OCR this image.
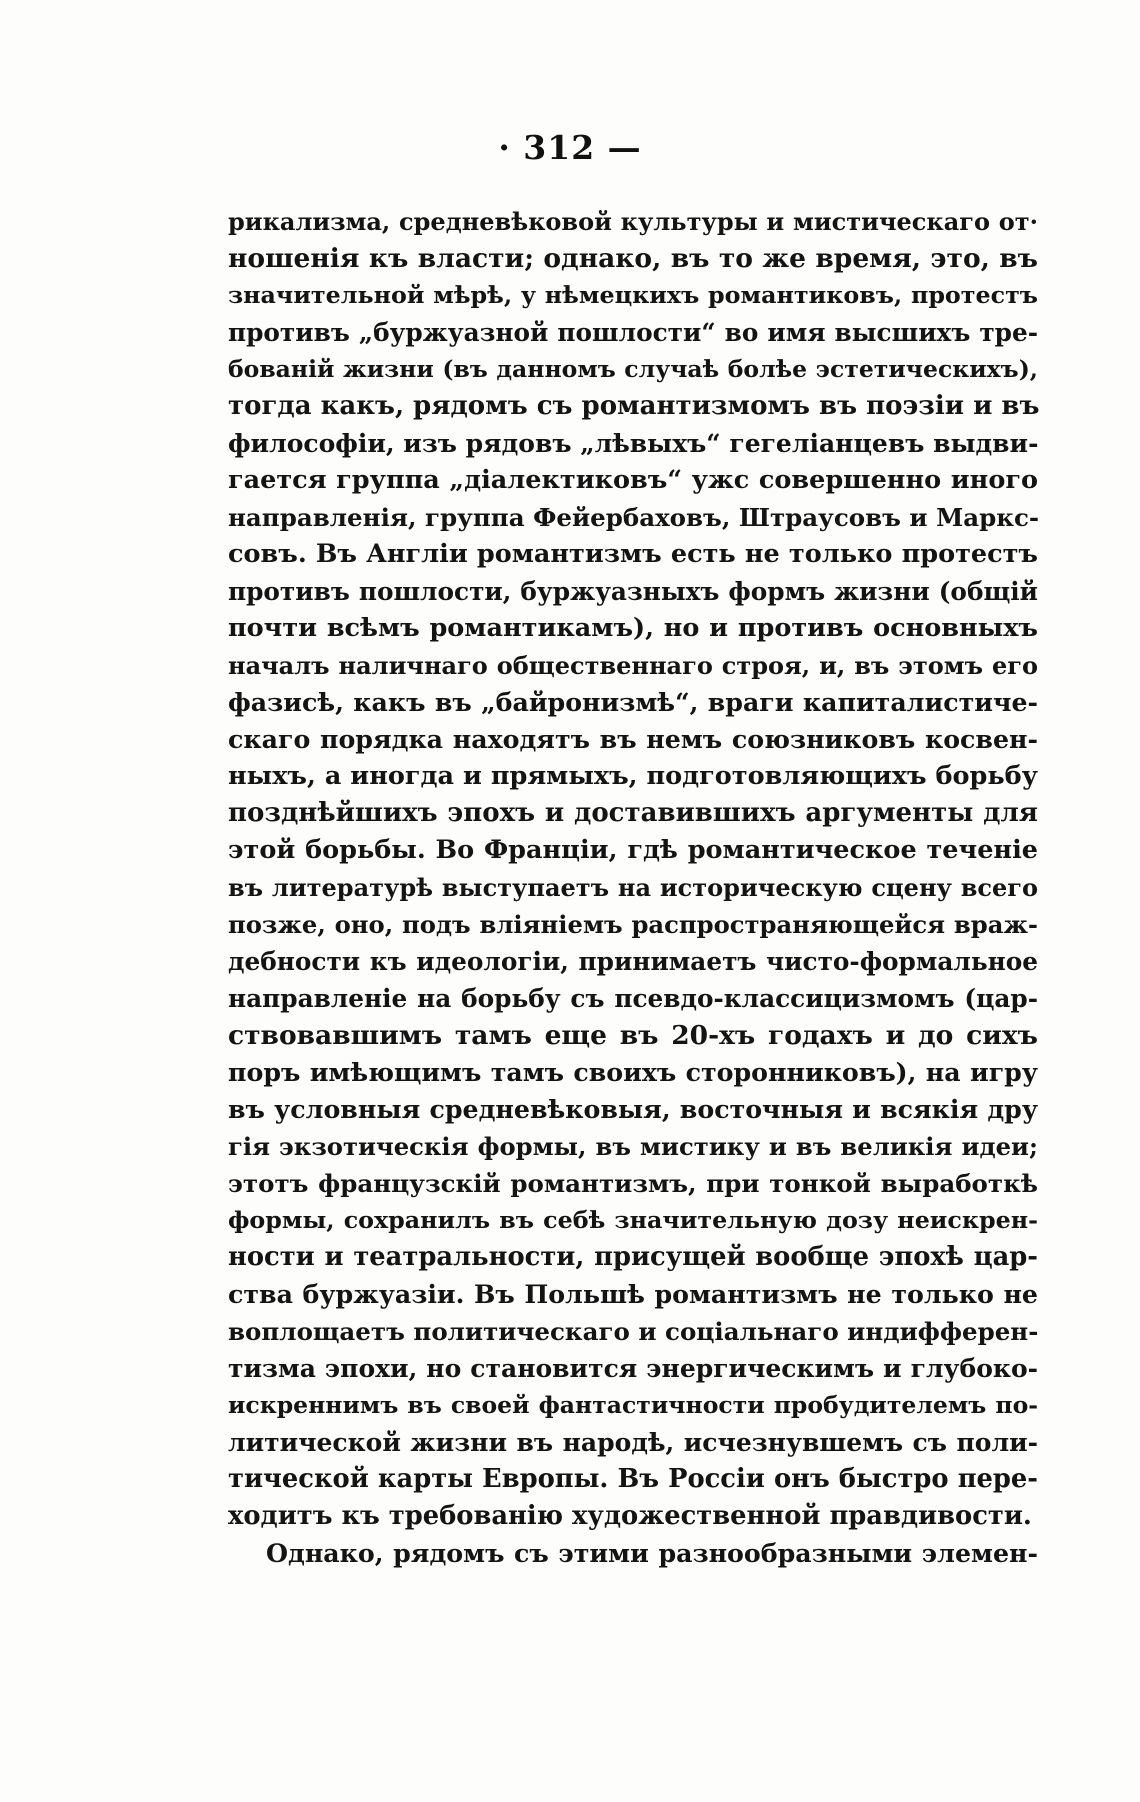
· 312 —
рикализма, средневѣковой культуры и мистическаго от·
ношенія къ власти; однако, въ то же время, это, въ
значительной мѣрѣ, у нѣмецкихъ романтиковъ, протестъ
противъ „буржуазной пошлости“ во имя высшихъ тре-
бованій жизни (въ данномъ случаѣ болѣе эстетическихъ),
тогда какъ, рядомъ съ романтизмомъ въ поэзіи и въ
философіи, изъ рядовъ „лѣвыхъ“ гегеліанцевъ выдви-
гается группа „діалектиковъ“ ужс совершенно иного
направленія, группа Фейербаховъ, Штраусовъ и Маркс-
совъ. Въ Англіи романтизмъ есть не только протестъ
противъ пошлости, буржуазныхъ формъ жизни (общій
почти всѣмъ романтикамъ), но и противъ основныхъ
началъ наличнаго общественнаго строя, и, въ этомъ его
фазисѣ, какъ въ „байронизмѣ“, враги капиталистиче-
скаго порядка находятъ въ немъ союзниковъ косвен-
ныхъ, а иногда и прямыхъ, подготовляющихъ борьбу
позднѣйшихъ эпохъ и доставившихъ аргументы для
этой борьбы. Во Франціи, гдѣ романтическое теченіе
въ литературѣ выступаетъ на историческую сцену всего
позже, оно, подъ вліяніемъ распространяющейся враж-
дебности къ идеологіи, принимаетъ чисто-формальное
направленіе на борьбу съ псевдо-классицизмомъ (цар-
ствовавшимъ тамъ еще въ 20-хъ годахъ и до сихъ
поръ имѣющимъ тамъ своихъ сторонниковъ), на игру
въ условныя средневѣковыя, восточныя и всякія дру
гія экзотическія формы, въ мистику и въ великія идеи;
этотъ французскій романтизмъ, при тонкой выработкѣ
формы, сохранилъ въ себѣ значительную дозу неискрен-
ности и театральности, присущей вообще эпохѣ цар-
ства буржуазіи. Въ Польшѣ романтизмъ не только не
воплощаетъ политическаго и соціальнаго индифферен-
тизма эпохи, но становится энергическимъ и глубоко-
искреннимъ въ своей фантастичности пробудителемъ по-
литической жизни въ народѣ, исчезнувшемъ съ поли-
тической карты Европы. Въ Россіи онъ быстро пере-
ходитъ къ требованію художественной правдивости.
Однако, рядомъ съ этими разнообразными элемен-
